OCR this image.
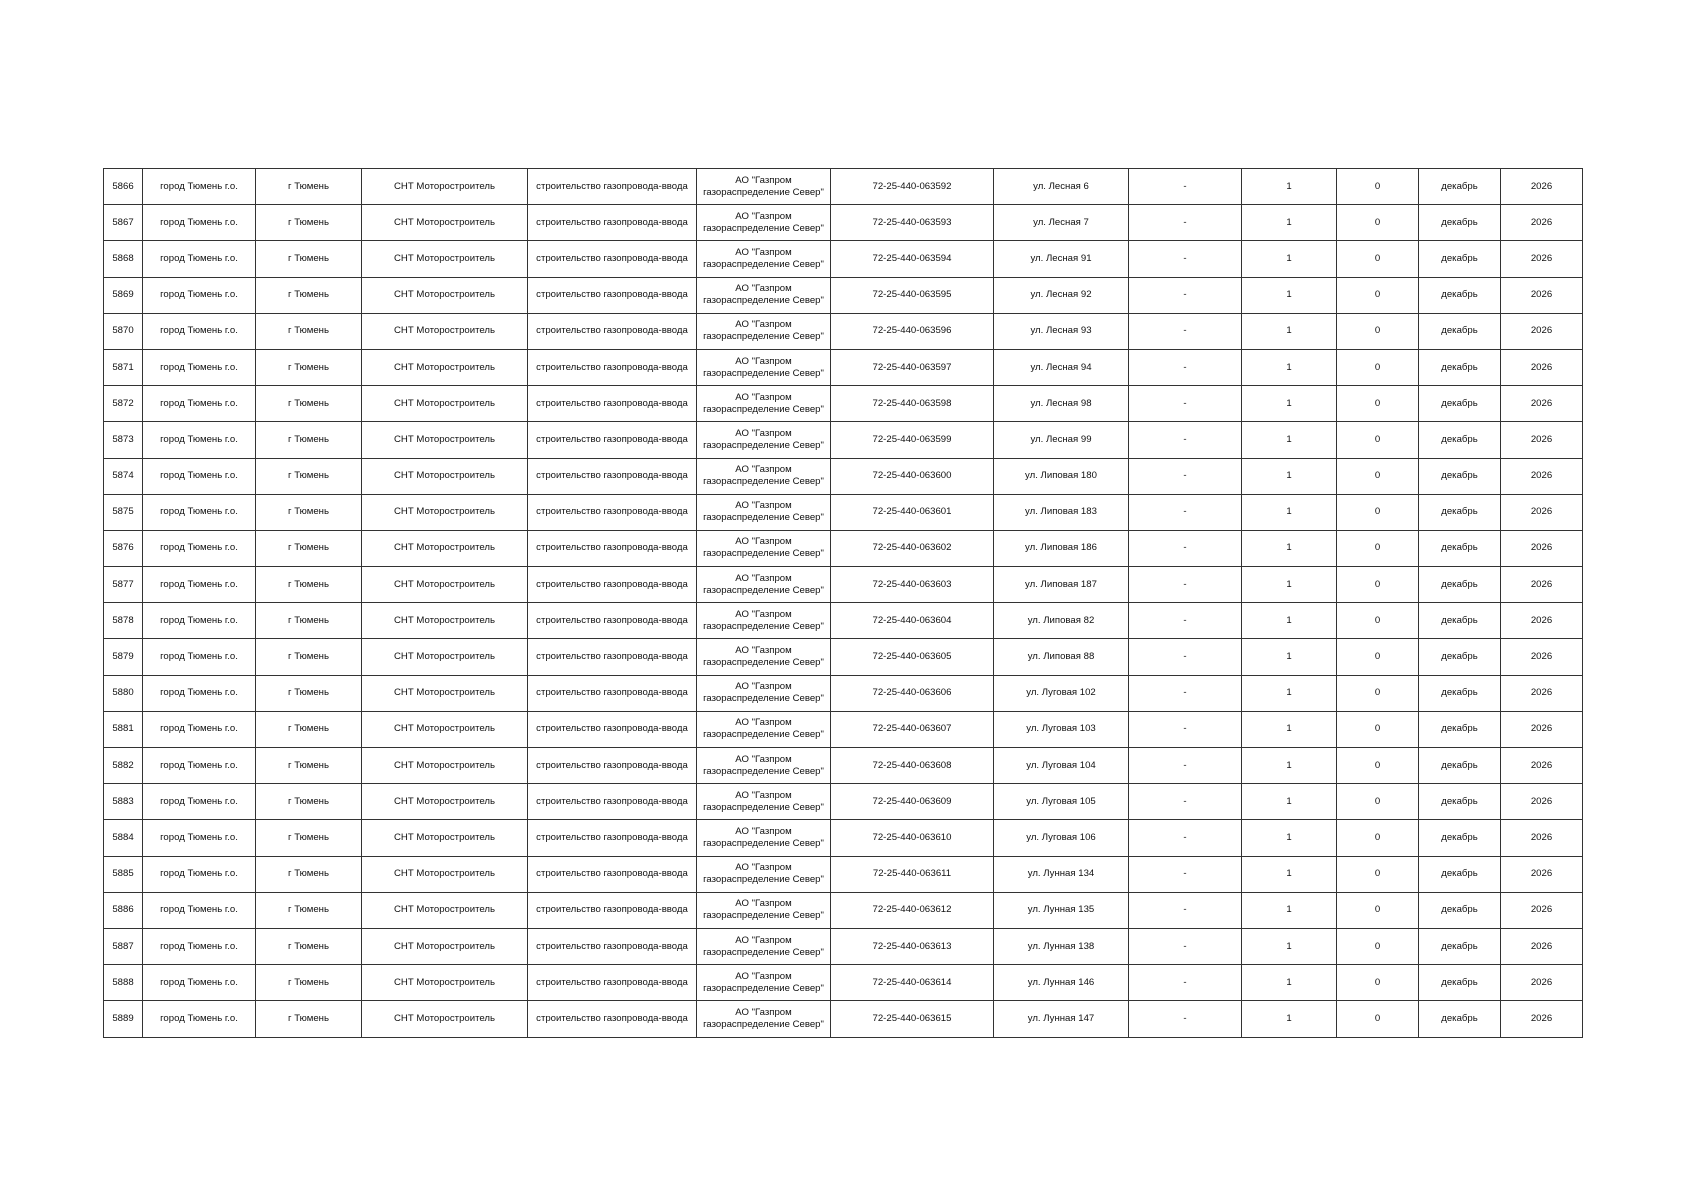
5866	город Тюмень г.о.	г Тюмень	СНТ Моторостроитель	строительство газопровода-ввода	АО "Газпром газораспределение Север"	72-25-440-063592	ул. Лесная 6	-	1	0	декабрь	2026
5867	город Тюмень г.о.	г Тюмень	СНТ Моторостроитель	строительство газопровода-ввода	АО "Газпром газораспределение Север"	72-25-440-063593	ул. Лесная 7	-	1	0	декабрь	2026
5868	город Тюмень г.о.	г Тюмень	СНТ Моторостроитель	строительство газопровода-ввода	АО "Газпром газораспределение Север"	72-25-440-063594	ул. Лесная 91	-	1	0	декабрь	2026
5869	город Тюмень г.о.	г Тюмень	СНТ Моторостроитель	строительство газопровода-ввода	АО "Газпром газораспределение Север"	72-25-440-063595	ул. Лесная 92	-	1	0	декабрь	2026
5870	город Тюмень г.о.	г Тюмень	СНТ Моторостроитель	строительство газопровода-ввода	АО "Газпром газораспределение Север"	72-25-440-063596	ул. Лесная 93	-	1	0	декабрь	2026
5871	город Тюмень г.о.	г Тюмень	СНТ Моторостроитель	строительство газопровода-ввода	АО "Газпром газораспределение Север"	72-25-440-063597	ул. Лесная 94	-	1	0	декабрь	2026
5872	город Тюмень г.о.	г Тюмень	СНТ Моторостроитель	строительство газопровода-ввода	АО "Газпром газораспределение Север"	72-25-440-063598	ул. Лесная 98	-	1	0	декабрь	2026
5873	город Тюмень г.о.	г Тюмень	СНТ Моторостроитель	строительство газопровода-ввода	АО "Газпром газораспределение Север"	72-25-440-063599	ул. Лесная 99	-	1	0	декабрь	2026
5874	город Тюмень г.о.	г Тюмень	СНТ Моторостроитель	строительство газопровода-ввода	АО "Газпром газораспределение Север"	72-25-440-063600	ул. Липовая 180	-	1	0	декабрь	2026
5875	город Тюмень г.о.	г Тюмень	СНТ Моторостроитель	строительство газопровода-ввода	АО "Газпром газораспределение Север"	72-25-440-063601	ул. Липовая 183	-	1	0	декабрь	2026
5876	город Тюмень г.о.	г Тюмень	СНТ Моторостроитель	строительство газопровода-ввода	АО "Газпром газораспределение Север"	72-25-440-063602	ул. Липовая 186	-	1	0	декабрь	2026
5877	город Тюмень г.о.	г Тюмень	СНТ Моторостроитель	строительство газопровода-ввода	АО "Газпром газораспределение Север"	72-25-440-063603	ул. Липовая 187	-	1	0	декабрь	2026
5878	город Тюмень г.о.	г Тюмень	СНТ Моторостроитель	строительство газопровода-ввода	АО "Газпром газораспределение Север"	72-25-440-063604	ул. Липовая 82	-	1	0	декабрь	2026
5879	город Тюмень г.о.	г Тюмень	СНТ Моторостроитель	строительство газопровода-ввода	АО "Газпром газораспределение Север"	72-25-440-063605	ул. Липовая 88	-	1	0	декабрь	2026
5880	город Тюмень г.о.	г Тюмень	СНТ Моторостроитель	строительство газопровода-ввода	АО "Газпром газораспределение Север"	72-25-440-063606	ул. Луговая 102	-	1	0	декабрь	2026
5881	город Тюмень г.о.	г Тюмень	СНТ Моторостроитель	строительство газопровода-ввода	АО "Газпром газораспределение Север"	72-25-440-063607	ул. Луговая 103	-	1	0	декабрь	2026
5882	город Тюмень г.о.	г Тюмень	СНТ Моторостроитель	строительство газопровода-ввода	АО "Газпром газораспределение Север"	72-25-440-063608	ул. Луговая 104	-	1	0	декабрь	2026
5883	город Тюмень г.о.	г Тюмень	СНТ Моторостроитель	строительство газопровода-ввода	АО "Газпром газораспределение Север"	72-25-440-063609	ул. Луговая 105	-	1	0	декабрь	2026
5884	город Тюмень г.о.	г Тюмень	СНТ Моторостроитель	строительство газопровода-ввода	АО "Газпром газораспределение Север"	72-25-440-063610	ул. Луговая 106	-	1	0	декабрь	2026
5885	город Тюмень г.о.	г Тюмень	СНТ Моторостроитель	строительство газопровода-ввода	АО "Газпром газораспределение Север"	72-25-440-063611	ул. Лунная 134	-	1	0	декабрь	2026
5886	город Тюмень г.о.	г Тюмень	СНТ Моторостроитель	строительство газопровода-ввода	АО "Газпром газораспределение Север"	72-25-440-063612	ул. Лунная 135	-	1	0	декабрь	2026
5887	город Тюмень г.о.	г Тюмень	СНТ Моторостроитель	строительство газопровода-ввода	АО "Газпром газораспределение Север"	72-25-440-063613	ул. Лунная 138	-	1	0	декабрь	2026
5888	город Тюмень г.о.	г Тюмень	СНТ Моторостроитель	строительство газопровода-ввода	АО "Газпром газораспределение Север"	72-25-440-063614	ул. Лунная 146	-	1	0	декабрь	2026
5889	город Тюмень г.о.	г Тюмень	СНТ Моторостроитель	строительство газопровода-ввода	АО "Газпром газораспределение Север"	72-25-440-063615	ул. Лунная 147	-	1	0	декабрь	2026
